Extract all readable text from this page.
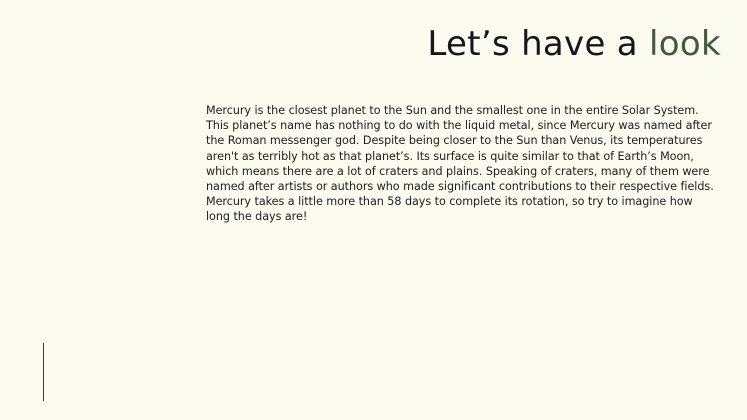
Let’s have a look

Mercury is the closest planet to the Sun and the smallest one in the entire Solar System. This planet’s name has nothing to do with the liquid metal, since Mercury was named after the Roman messenger god. Despite being closer to the Sun than Venus, its temperatures aren't as terribly hot as that planet’s. Its surface is quite similar to that of Earth’s Moon, which means there are a lot of craters and plains. Speaking of craters, many of them were named after artists or authors who made significant contributions to their respective fields. Mercury takes a little more than 58 days to complete its rotation, so try to imagine how long the days are!
